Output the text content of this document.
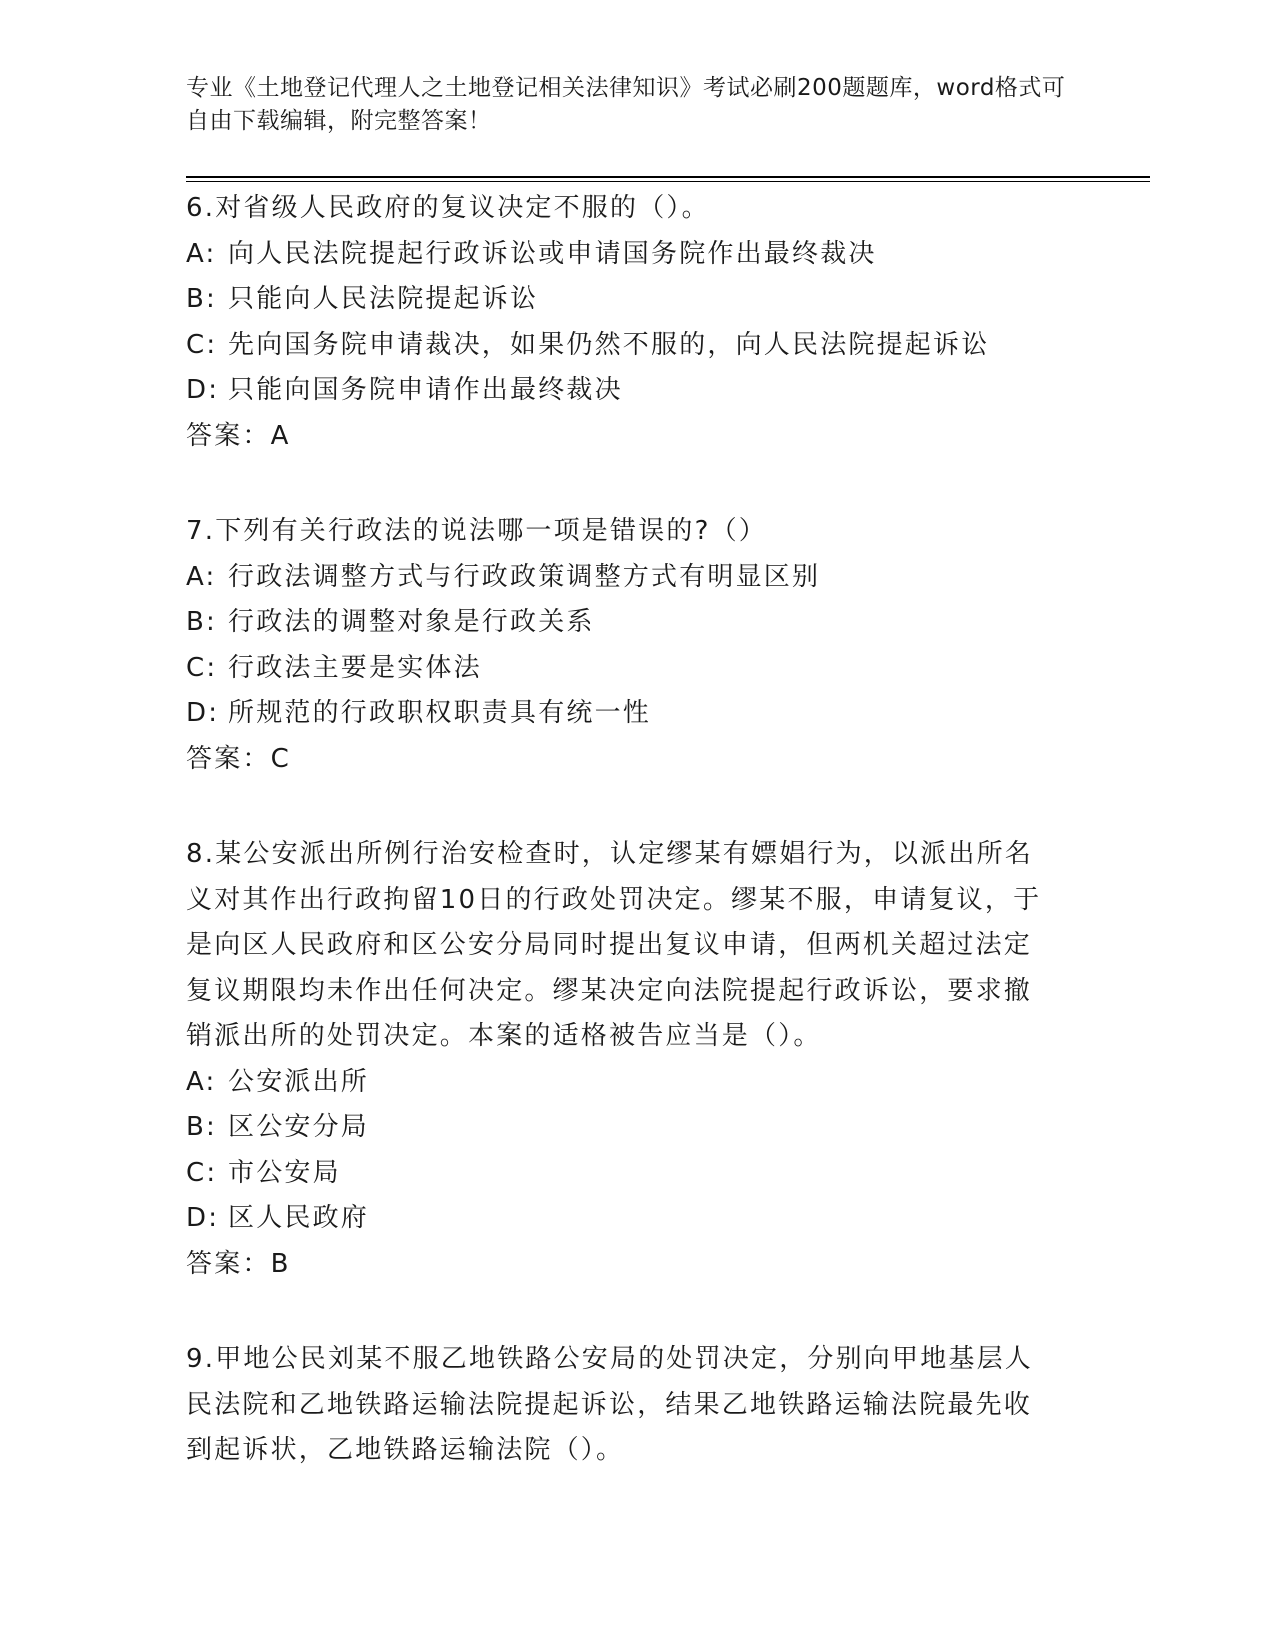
专业《土地登记代理人之土地登记相关法律知识》考试必刷200题题库，word格式可自由下载编辑，附完整答案！

6.对省级人民政府的复议决定不服的（）。

A: 向人民法院提起行政诉讼或申请国务院作出最终裁决

B: 只能向人民法院提起诉讼

C: 先向国务院申请裁决，如果仍然不服的，向人民法院提起诉讼

D: 只能向国务院申请作出最终裁决

答案：A

7.下列有关行政法的说法哪一项是错误的?（）

A: 行政法调整方式与行政政策调整方式有明显区别

B: 行政法的调整对象是行政关系

C: 行政法主要是实体法

D: 所规范的行政职权职责具有统一性

答案：C

8.某公安派出所例行治安检查时，认定缪某有嫖娼行为，以派出所名

义对其作出行政拘留10日的行政处罚决定。缪某不服，申请复议，于

是向区人民政府和区公安分局同时提出复议申请，但两机关超过法定

复议期限均未作出任何决定。缪某决定向法院提起行政诉讼，要求撤

销派出所的处罚决定。本案的适格被告应当是（）。

A: 公安派出所

B: 区公安分局

C: 市公安局

D: 区人民政府

答案：B

9.甲地公民刘某不服乙地铁路公安局的处罚决定，分别向甲地基层人

民法院和乙地铁路运输法院提起诉讼，结果乙地铁路运输法院最先收

到起诉状，乙地铁路运输法院（）。
